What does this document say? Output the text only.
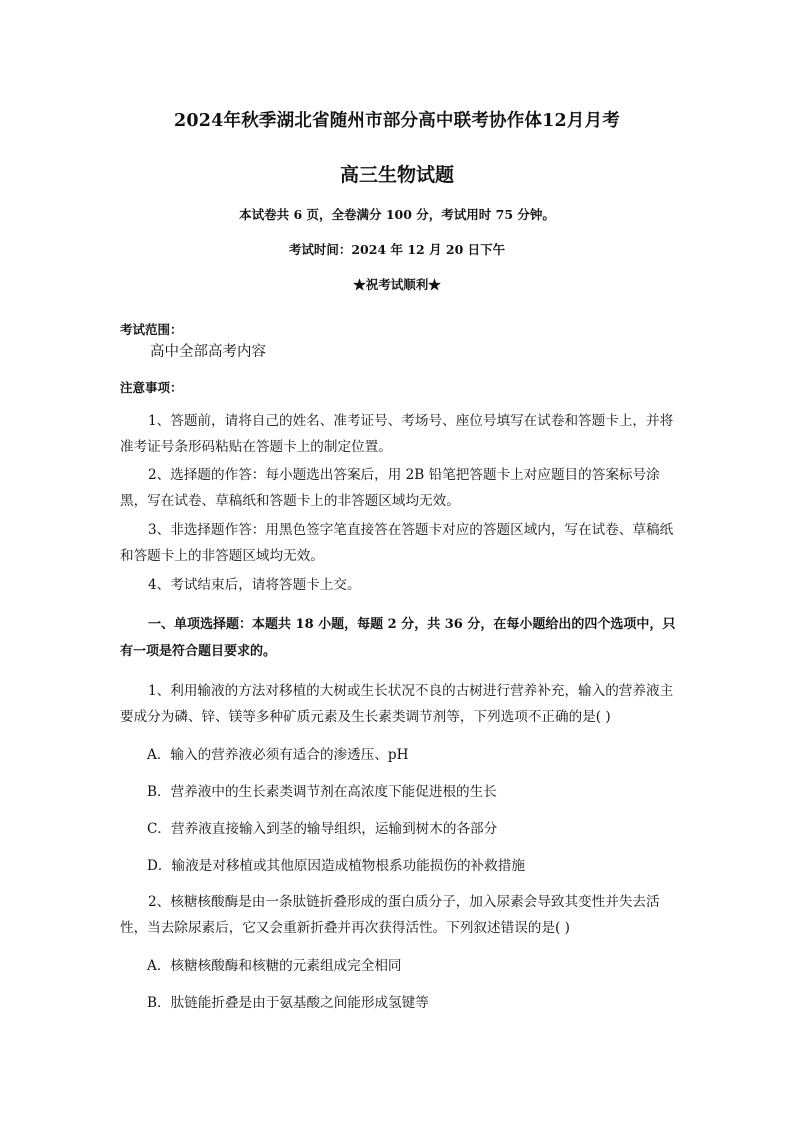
2024年秋季湖北省随州市部分高中联考协作体12月月考
高三生物试题
本试卷共 6 页，全卷满分 100 分，考试用时 75 分钟。
考试时间：2024 年 12 月 20 日下午
★祝考试顺利★
考试范围：
高中全部高考内容
注意事项：
1、答题前，请将自己的姓名、准考证号、考场号、座位号填写在试卷和答题卡上，并将准考证号条形码粘贴在答题卡上的制定位置。
2、选择题的作答：每小题选出答案后，用 2B 铅笔把答题卡上对应题目的答案标号涂黑，写在试卷、草稿纸和答题卡上的非答题区域均无效。
3、非选择题作答：用黑色签字笔直接答在答题卡对应的答题区域内，写在试卷、草稿纸和答题卡上的非答题区域均无效。
4、考试结束后，请将答题卡上交。
一、单项选择题：本题共 18 小题，每题 2 分，共 36 分，在每小题给出的四个选项中，只有一项是符合题目要求的。
1、利用输液的方法对移植的大树或生长状况不良的古树进行营养补充，输入的营养液主要成分为磷、锌、镁等多种矿质元素及生长素类调节剂等，下列选项不正确的是( )
A．输入的营养液必须有适合的渗透压、pH
B．营养液中的生长素类调节剂在高浓度下能促进根的生长
C．营养液直接输入到茎的输导组织，运输到树木的各部分
D．输液是对移植或其他原因造成植物根系功能损伤的补救措施
2、核糖核酸酶是由一条肽链折叠形成的蛋白质分子，加入尿素会导致其变性并失去活性，当去除尿素后，它又会重新折叠并再次获得活性。下列叙述错误的是( )
A．核糖核酸酶和核糖的元素组成完全相同
B．肽链能折叠是由于氨基酸之间能形成氢键等
